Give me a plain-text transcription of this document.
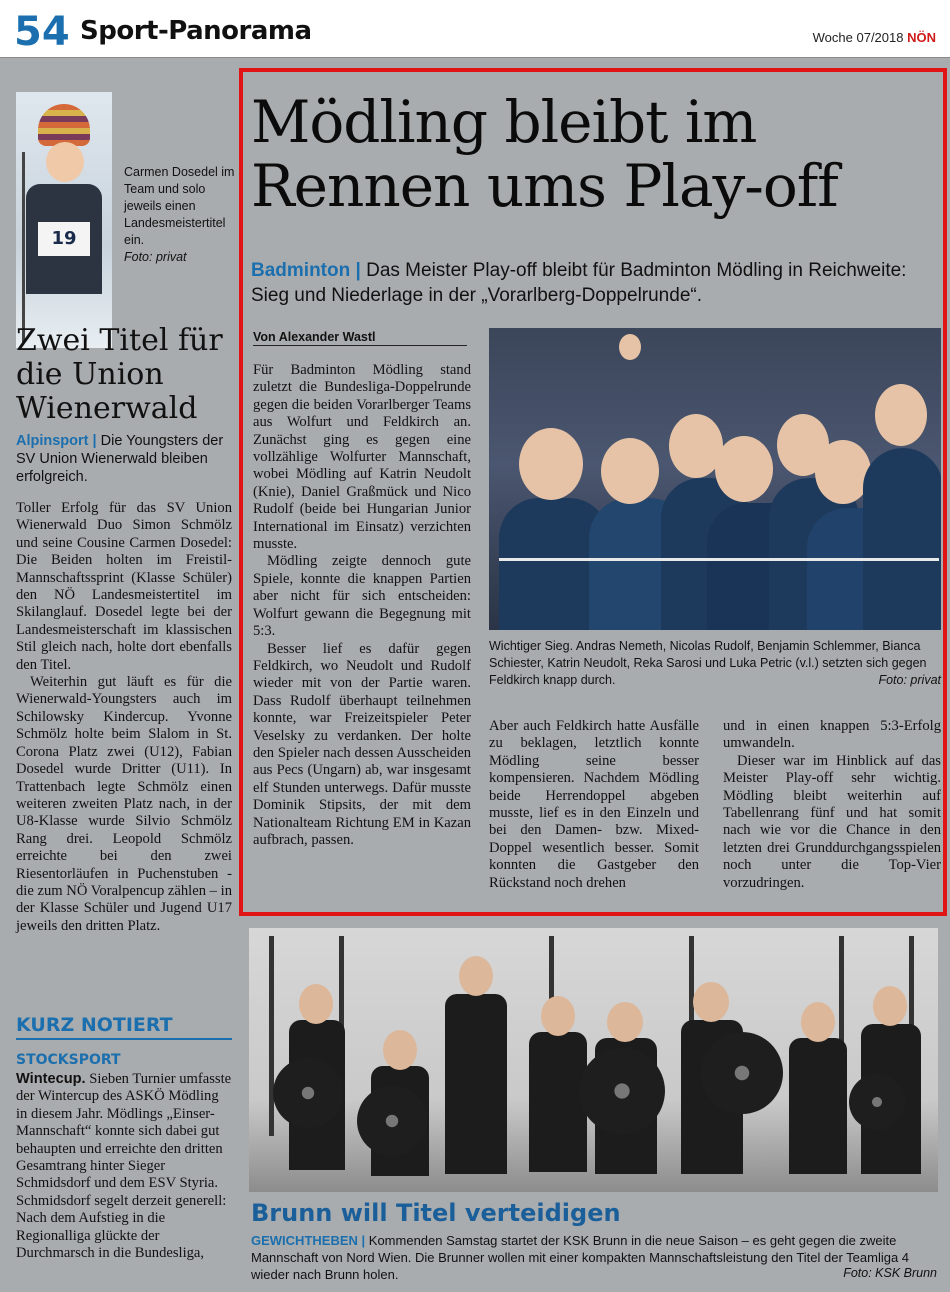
54 Sport-Panorama	Woche 07/2018 NÖN
19
Carmen Dosedel im Team und solo jeweils einen Landesmeistertitel ein.
Foto: privat
Zwei Titel für die Union Wienerwald
Alpinsport | Die Youngsters der SV Union Wienerwald bleiben erfolgreich.

Toller Erfolg für das SV Union Wienerwald Duo Simon Schmölz und seine Cousine Carmen Dosedel: Die Beiden holten im Freistil-Mannschaftssprint (Klasse Schüler) den NÖ Landesmeistertitel im Skilanglauf. Dosedel legte bei der Landesmeisterschaft im klassischen Stil gleich nach, holte dort ebenfalls den Titel.

Weiterhin gut läuft es für die Wienerwald-Youngsters auch im Schilowsky Kindercup. Yvonne Schmölz holte beim Slalom in St. Corona Platz zwei (U12), Fabian Dosedel wurde Dritter (U11). In Trattenbach legte Schmölz einen weiteren zweiten Platz nach, in der U8-Klasse wurde Silvio Schmölz Rang drei. Leopold Schmölz erreichte bei den zwei Riesentorläufen in Puchenstuben - die zum NÖ Voralpencup zählen – in der Klasse Schüler und Jugend U17 jeweils den dritten Platz.

KURZ NOTIERT
STOCKSPORT
Wintecup. Sieben Turnier umfasste der Wintercup des ASKÖ Mödling in diesem Jahr. Mödlings „Einser-Mannschaft“ konnte sich dabei gut behaupten und erreichte den dritten Gesamtrang hinter Sieger Schmidsdorf und dem ESV Styria. Schmidsdorf segelt derzeit generell: Nach dem Aufstieg in die Regionalliga glückte der Durchmarsch in die Bundesliga,
Mödling bleibt im Rennen ums Play-off
Badminton | Das Meister Play-off bleibt für Badminton Mödling in Reichweite: Sieg und Niederlage in der „Vorarlberg-Doppelrunde“.
Von Alexander Wastl

Für Badminton Mödling stand zuletzt die Bundesliga-Doppelrunde gegen die beiden Vorarlberger Teams aus Wolfurt und Feldkirch an. Zunächst ging es gegen eine vollzählige Wolfurter Mannschaft, wobei Mödling auf Katrin Neudolt (Knie), Daniel Graßmück und Nico Rudolf (beide bei Hungarian Junior International im Einsatz) verzichten musste.

Mödling zeigte dennoch gute Spiele, konnte die knappen Partien aber nicht für sich entscheiden: Wolfurt gewann die Begegnung mit 5:3.

Besser lief es dafür gegen Feldkirch, wo Neudolt und Rudolf wieder mit von der Partie waren. Dass Rudolf überhaupt teilnehmen konnte, war Freizeitspieler Peter Veselsky zu verdanken. Der holte den Spieler nach dessen Ausscheiden aus Pecs (Ungarn) ab, war insgesamt elf Stunden unterwegs. Dafür musste Dominik Stipsits, der mit dem Nationalteam Richtung EM in Kazan aufbrach, passen.

Wichtiger Sieg. Andras Nemeth, Nicolas Rudolf, Benjamin Schlemmer, Bianca Schiester, Katrin Neudolt, Reka Sarosi und Luka Petric (v.l.) setzten sich gegen Feldkirch knapp durch.	Foto: privat

Aber auch Feldkirch hatte Ausfälle zu beklagen, letztlich konnte Mödling seine besser kompensieren. Nachdem Mödling beide Herrendoppel abgeben musste, lief es in den Einzeln und bei den Damen- bzw. Mixed-Doppel wesentlich besser. Somit konnten die Gastgeber den Rückstand noch drehen

und in einen knappen 5:3-Erfolg umwandeln.

Dieser war im Hinblick auf das Meister Play-off sehr wichtig. Mödling bleibt weiterhin auf Tabellenrang fünf und hat somit nach wie vor die Chance in den letzten drei Grunddurchgangsspielen noch unter die Top-Vier vorzudringen.

Brunn will Titel verteidigen
GEWICHTHEBEN | Kommenden Samstag startet der KSK Brunn in die neue Saison – es geht gegen die zweite Mannschaft von Nord Wien. Die Brunner wollen mit einer kompakten Mannschaftsleistung den Titel der Teamliga 4 wieder nach Brunn holen.	Foto: KSK Brunn
